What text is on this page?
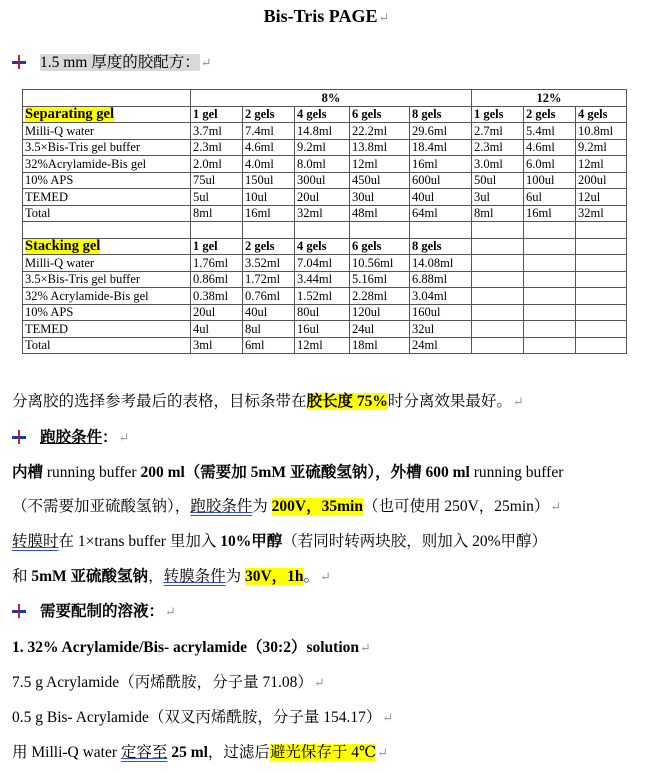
Bis-Tris PAGE↵
1.5 mm 厚度的胶配方：↵
	8%					12%		
Separating gel	1 gel	2 gels	4 gels	6 gels	8 gels	1 gels	2 gels	4 gels
Milli-Q water	3.7ml	7.4ml	14.8ml	22.2ml	29.6ml	2.7ml	5.4ml	10.8ml
3.5×Bis-Tris gel buffer	2.3ml	4.6ml	9.2ml	13.8ml	18.4ml	2.3ml	4.6ml	9.2ml
32%Acrylamide-Bis gel	2.0ml	4.0ml	8.0ml	12ml	16ml	3.0ml	6.0ml	12ml
10% APS	75ul	150ul	300ul	450ul	600ul	50ul	100ul	200ul
TEMED	5ul	10ul	20ul	30ul	40ul	3ul	6ul	12ul
Total	8ml	16ml	32ml	48ml	64ml	8ml	16ml	32ml

Stacking gel	1 gel	2 gels	4 gels	6 gels	8 gels			
Milli-Q water	1.76ml	3.52ml	7.04ml	10.56ml	14.08ml			
3.5×Bis-Tris gel buffer	0.86ml	1.72ml	3.44ml	5.16ml	6.88ml			
32% Acrylamide-Bis gel	0.38ml	0.76ml	1.52ml	2.28ml	3.04ml			
10% APS	20ul	40ul	80ul	120ul	160ul			
TEMED	4ul	8ul	16ul	24ul	32ul			
Total	3ml	6ml	12ml	18ml	24ml			
分离胶的选择参考最后的表格，目标条带在胶长度 75%时分离效果最好。↵
跑胶条件：↵
内槽 running buffer 200 ml（需要加 5mM 亚硫酸氢钠），外槽 600 ml running buffer
（不需要加亚硫酸氢钠），跑胶条件为 200V，35min（也可使用 250V，25min）↵
转膜时在 1×trans buffer 里加入 10%甲醇（若同时转两块胶，则加入 20%甲醇）
和 5mM 亚硫酸氢钠，转膜条件为 30V，1h。↵
需要配制的溶液：↵
1. 32% Acrylamide/Bis- acrylamide（30:2）solution↵
7.5 g Acrylamide（丙烯酰胺，分子量 71.08）↵
0.5 g Bis- Acrylamide（双叉丙烯酰胺，分子量 154.17）↵
用 Milli-Q water 定容至 25 ml，过滤后避光保存于 4℃↵
